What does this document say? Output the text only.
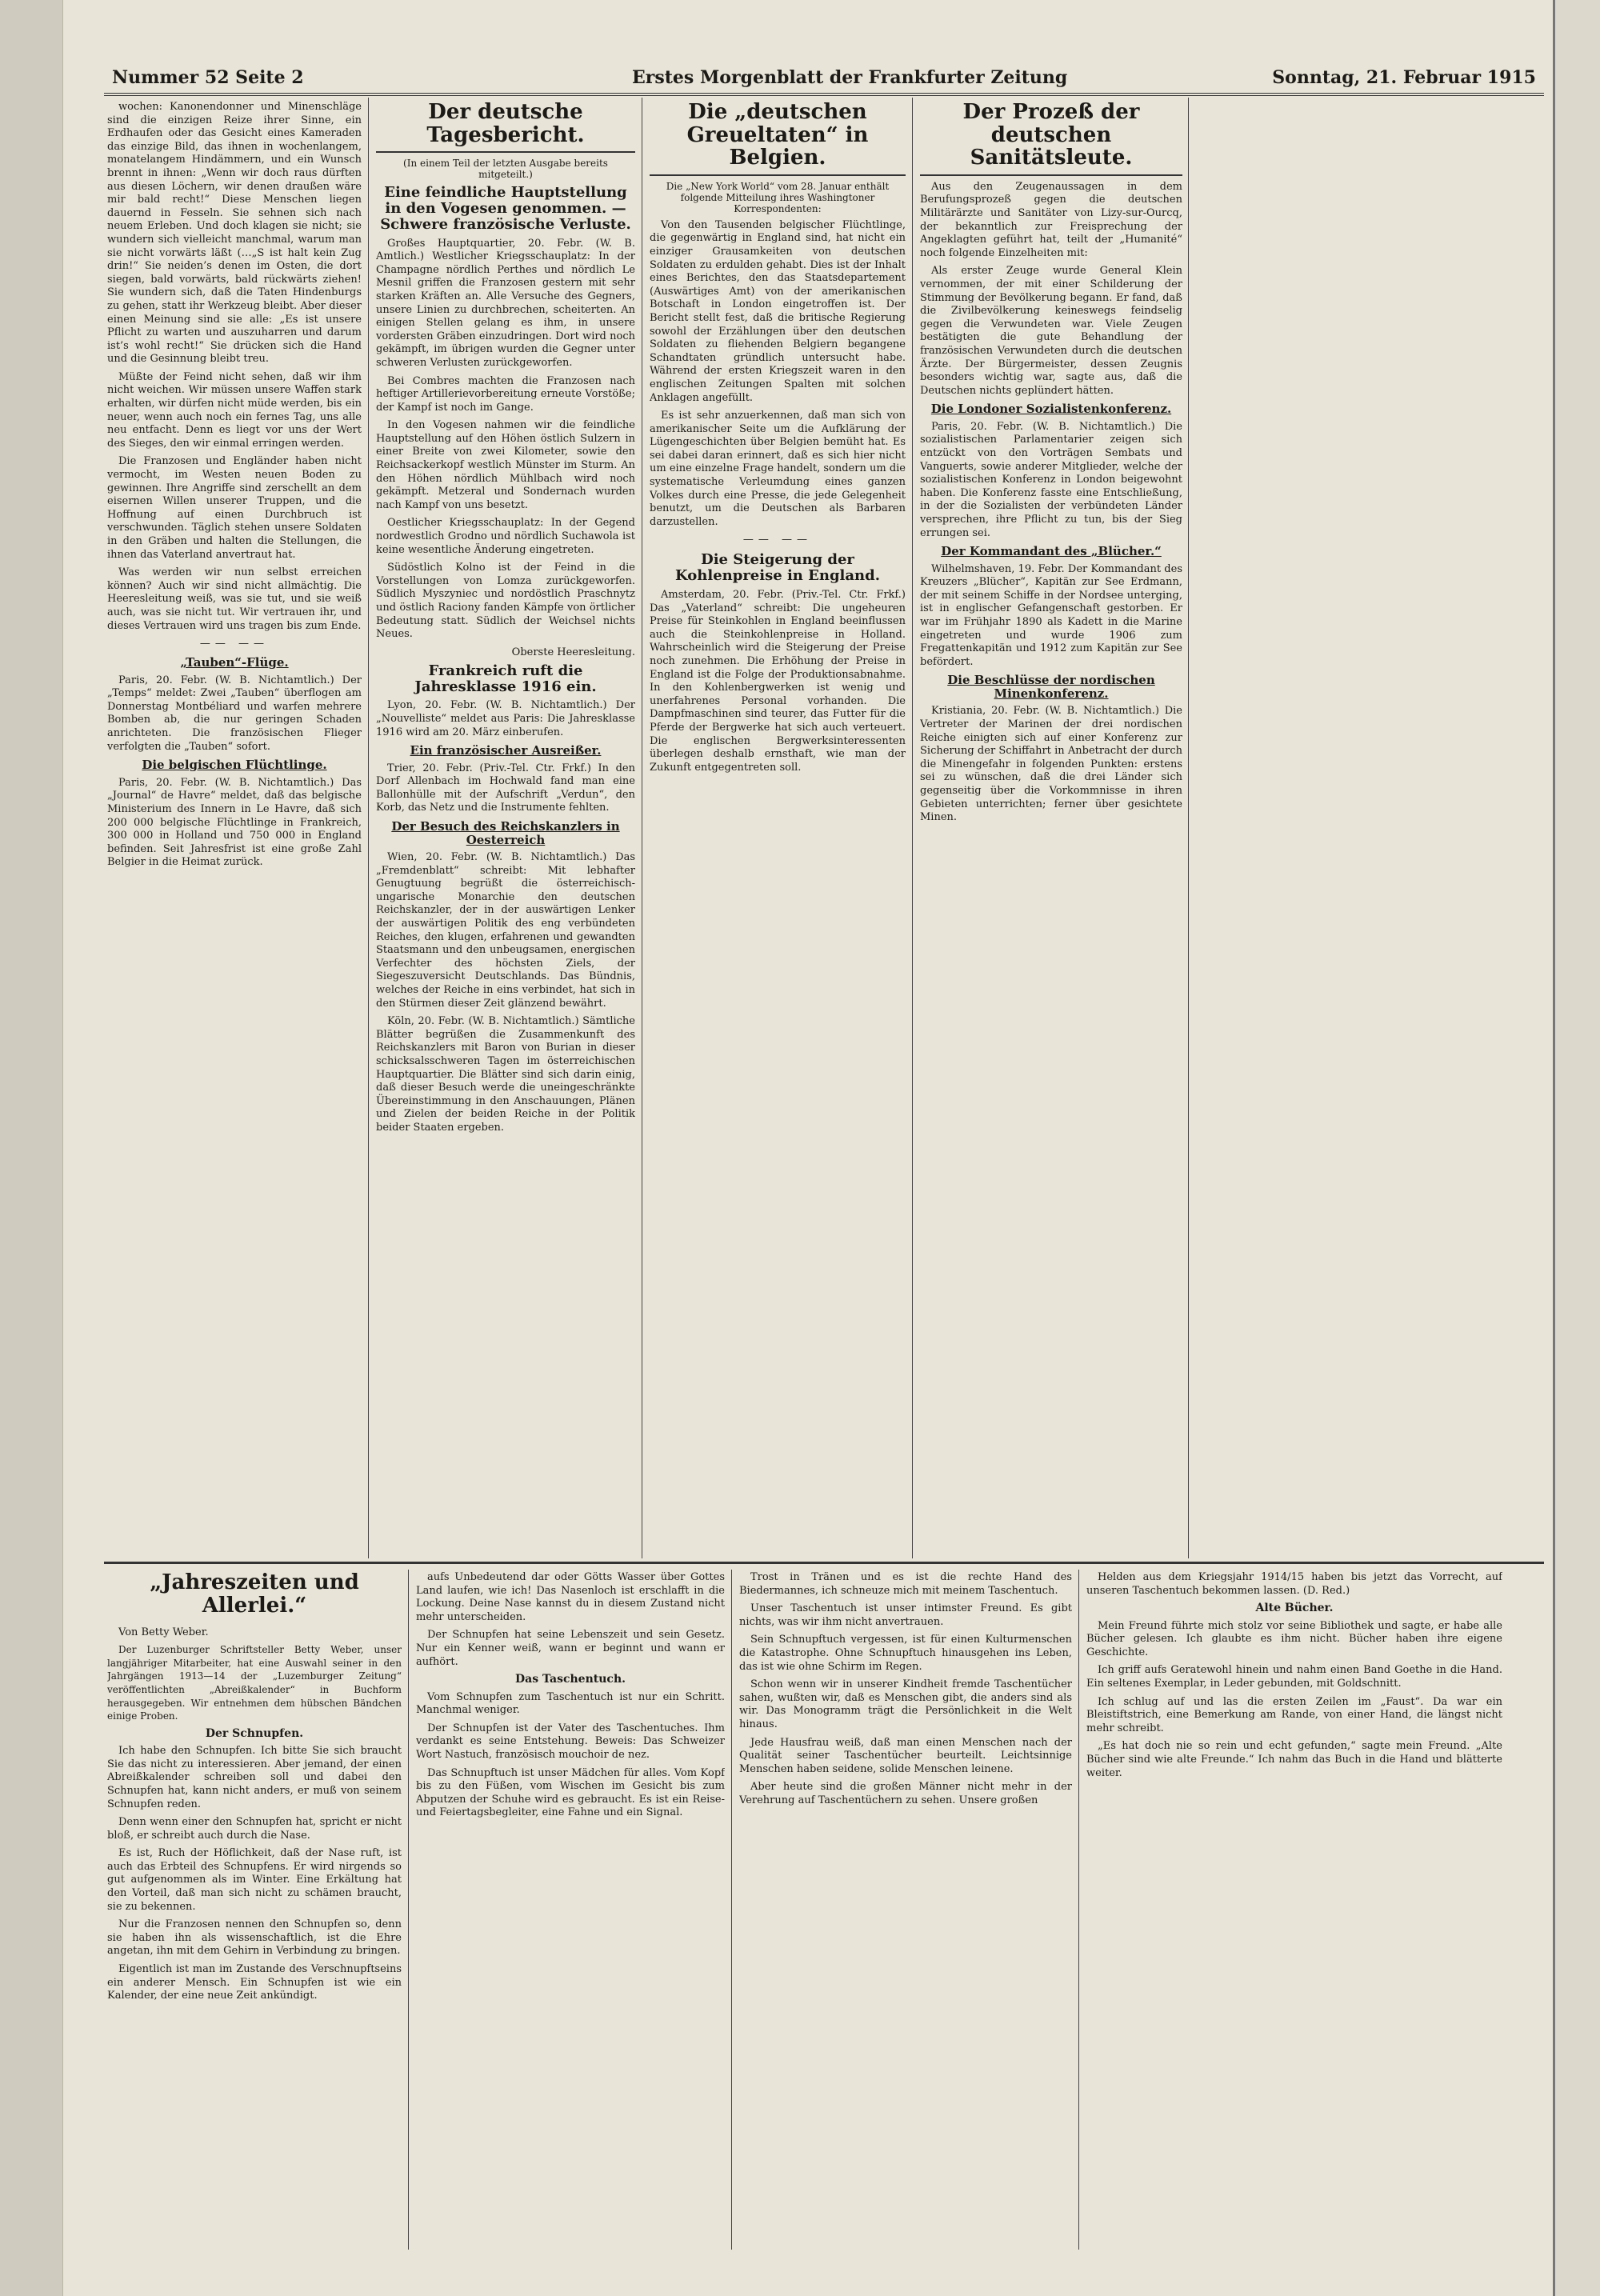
Nummer 52 Seite 2	Erstes Morgenblatt der Frankfurter Zeitung	Sonntag, 21. Februar 1915

wochen: Kanonendonner und Minenschläge sind die einzigen Reize ihrer Sinne, ein Erdhaufen oder das Gesicht eines Kameraden das einzige Bild, das ihnen in wochenlangem, monatelangem Hindämmern, und ein Wunsch brennt in ihnen: „Wenn wir doch raus dürften aus diesen Löchern, wir denen draußen wäre mir bald recht!“ Diese Menschen liegen dauernd in Fesseln. Sie sehnen sich nach neuem Erleben. Und doch klagen sie nicht; sie wundern sich vielleicht manchmal, warum man sie nicht vorwärts läßt (…„S ist halt kein Zug drin!“ Sie neiden’s denen im Osten, die dort siegen, bald vorwärts, bald rückwärts ziehen! Sie wundern sich, daß die Taten Hindenburgs zu gehen, statt ihr Werkzeug bleibt. Aber dieser einen Meinung sind sie alle: „Es ist unsere Pflicht zu warten und auszuharren und darum ist’s wohl recht!“ Sie drücken sich die Hand und die Gesinnung bleibt treu.

Müßte der Feind nicht sehen, daß wir ihm nicht weichen. Wir müssen unsere Waffen stark erhalten, wir dürfen nicht müde werden, bis ein neuer, wenn auch noch ein fernes Tag, uns alle neu entfacht. Denn es liegt vor uns der Wert des Sieges, den wir einmal erringen werden.

Die Franzosen und Engländer haben nicht vermocht, im Westen neuen Boden zu gewinnen. Ihre Angriffe sind zerschellt an dem eisernen Willen unserer Truppen, und die Hoffnung auf einen Durchbruch ist verschwunden. Täglich stehen unsere Soldaten in den Gräben und halten die Stellungen, die ihnen das Vaterland anvertraut hat.

Was werden wir nun selbst erreichen können? Auch wir sind nicht allmächtig. Die Heeresleitung weiß, was sie tut, und sie weiß auch, was sie nicht tut. Wir vertrauen ihr, und dieses Vertrauen wird uns tragen bis zum Ende.

—— ——
„Tauben“-Flüge.

Paris, 20. Febr. (W. B. Nichtamtlich.) Der „Temps“ meldet: Zwei „Tauben“ überflogen am Donnerstag Montbéliard und warfen mehrere Bomben ab, die nur geringen Schaden anrichteten. Die französischen Flieger verfolgten die „Tauben“ sofort.

Die belgischen Flüchtlinge.

Paris, 20. Febr. (W. B. Nichtamtlich.) Das „Journal“ de Havre“ meldet, daß das belgische Ministerium des Innern in Le Havre, daß sich 200 000 belgische Flüchtlinge in Frankreich, 300 000 in Holland und 750 000 in England befinden. Seit Jahresfrist ist eine große Zahl Belgier in die Heimat zurück.

Der deutsche Tagesbericht.
(In einem Teil der letzten Ausgabe bereits mitgeteilt.)
Eine feindliche Hauptstellung in den Vogesen genommen. — Schwere französische Verluste.

Großes Hauptquartier, 20. Febr. (W. B. Amtlich.) Westlicher Kriegsschauplatz: In der Champagne nördlich Perthes und nördlich Le Mesnil griffen die Franzosen gestern mit sehr starken Kräften an. Alle Versuche des Gegners, unsere Linien zu durchbrechen, scheiterten. An einigen Stellen gelang es ihm, in unsere vordersten Gräben einzudringen. Dort wird noch gekämpft, im übrigen wurden die Gegner unter schweren Verlusten zurückgeworfen.

Bei Combres machten die Franzosen nach heftiger Artillerievorbereitung erneute Vorstöße; der Kampf ist noch im Gange.

In den Vogesen nahmen wir die feindliche Hauptstellung auf den Höhen östlich Sulzern in einer Breite von zwei Kilometer, sowie den Reichsackerkopf westlich Münster im Sturm. An den Höhen nördlich Mühlbach wird noch gekämpft. Metzeral und Sondernach wurden nach Kampf von uns besetzt.

Oestlicher Kriegsschauplatz: In der Gegend nordwestlich Grodno und nördlich Suchawola ist keine wesentliche Änderung eingetreten.

Südöstlich Kolno ist der Feind in die Vorstellungen von Lomza zurückgeworfen. Südlich Myszyniec und nordöstlich Praschnytz und östlich Raciony fanden Kämpfe von örtlicher Bedeutung statt. Südlich der Weichsel nichts Neues.

Oberste Heeresleitung.
Frankreich ruft die Jahresklasse 1916 ein.

Lyon, 20. Febr. (W. B. Nichtamtlich.) Der „Nouvelliste“ meldet aus Paris: Die Jahresklasse 1916 wird am 20. März einberufen.

Ein französischer Ausreißer.

Trier, 20. Febr. (Priv.-Tel. Ctr. Frkf.) In den Dorf Allenbach im Hochwald fand man eine Ballonhülle mit der Aufschrift „Verdun“, den Korb, das Netz und die Instrumente fehlten.

Der Besuch des Reichskanzlers in Oesterreich

Wien, 20. Febr. (W. B. Nichtamtlich.) Das „Fremdenblatt“ schreibt: Mit lebhafter Genugtuung begrüßt die österreichisch-ungarische Monarchie den deutschen Reichskanzler, der in der auswärtigen Lenker der auswärtigen Politik des eng verbündeten Reiches, den klugen, erfahrenen und gewandten Staatsmann und den unbeugsamen, energischen Verfechter des höchsten Ziels, der Siegeszuversicht Deutschlands. Das Bündnis, welches der Reiche in eins verbindet, hat sich in den Stürmen dieser Zeit glänzend bewährt.

Köln, 20. Febr. (W. B. Nichtamtlich.) Sämtliche Blätter begrüßen die Zusammenkunft des Reichskanzlers mit Baron von Burian in dieser schicksalsschweren Tagen im österreichischen Hauptquartier. Die Blätter sind sich darin einig, daß dieser Besuch werde die uneingeschränkte Übereinstimmung in den Anschauungen, Plänen und Zielen der beiden Reiche in der Politik beider Staaten ergeben.

Die „deutschen Greueltaten“ in Belgien.
Die „New York World“ vom 28. Januar enthält folgende Mitteilung ihres Washingtoner Korrespondenten:

Von den Tausenden belgischer Flüchtlinge, die gegenwärtig in England sind, hat nicht ein einziger Grausamkeiten von deutschen Soldaten zu erdulden gehabt. Dies ist der Inhalt eines Berichtes, den das Staatsdepartement (Auswärtiges Amt) von der amerikanischen Botschaft in London eingetroffen ist. Der Bericht stellt fest, daß die britische Regierung sowohl der Erzählungen über den deutschen Soldaten zu fliehenden Belgiern begangene Schandtaten gründlich untersucht habe. Während der ersten Kriegszeit waren in den englischen Zeitungen Spalten mit solchen Anklagen angefüllt.

Es ist sehr anzuerkennen, daß man sich von amerikanischer Seite um die Aufklärung der Lügengeschichten über Belgien bemüht hat. Es sei dabei daran erinnert, daß es sich hier nicht um eine einzelne Frage handelt, sondern um die systematische Verleumdung eines ganzen Volkes durch eine Presse, die jede Gelegenheit benutzt, um die Deutschen als Barbaren darzustellen.

—— ——
Die Steigerung der Kohlenpreise in England.

Amsterdam, 20. Febr. (Priv.-Tel. Ctr. Frkf.) Das „Vaterland“ schreibt: Die ungeheuren Preise für Steinkohlen in England beeinflussen auch die Steinkohlenpreise in Holland. Wahrscheinlich wird die Steigerung der Preise noch zunehmen. Die Erhöhung der Preise in England ist die Folge der Produktionsabnahme. In den Kohlenbergwerken ist wenig und unerfahrenes Personal vorhanden. Die Dampfmaschinen sind teurer, das Futter für die Pferde der Bergwerke hat sich auch verteuert. Die englischen Bergwerksinteressenten überlegen deshalb ernsthaft, wie man der Zukunft entgegentreten soll.

Der Prozeß der deutschen Sanitätsleute.

Aus den Zeugenaussagen in dem Berufungsprozeß gegen die deutschen Militärärzte und Sanitäter von Lizy-sur-Ourcq, der bekanntlich zur Freisprechung der Angeklagten geführt hat, teilt der „Humanité“ noch folgende Einzelheiten mit:

Als erster Zeuge wurde General Klein vernommen, der mit einer Schilderung der Stimmung der Bevölkerung begann. Er fand, daß die Zivilbevölkerung keineswegs feindselig gegen die Verwundeten war. Viele Zeugen bestätigten die gute Behandlung der französischen Verwundeten durch die deutschen Ärzte. Der Bürgermeister, dessen Zeugnis besonders wichtig war, sagte aus, daß die Deutschen nichts geplündert hätten.

Die Londoner Sozialistenkonferenz.

Paris, 20. Febr. (W. B. Nichtamtlich.) Die sozialistischen Parlamentarier zeigen sich entzückt von den Vorträgen Sembats und Vanguerts, sowie anderer Mitglieder, welche der sozialistischen Konferenz in London beigewohnt haben. Die Konferenz fasste eine Entschließung, in der die Sozialisten der verbündeten Länder versprechen, ihre Pflicht zu tun, bis der Sieg errungen sei.

Der Kommandant des „Blücher.“

Wilhelmshaven, 19. Febr. Der Kommandant des Kreuzers „Blücher“, Kapitän zur See Erdmann, der mit seinem Schiffe in der Nordsee unterging, ist in englischer Gefangenschaft gestorben. Er war im Frühjahr 1890 als Kadett in die Marine eingetreten und wurde 1906 zum Fregattenkapitän und 1912 zum Kapitän zur See befördert.

Die Beschlüsse der nordischen Minenkonferenz.

Kristiania, 20. Febr. (W. B. Nichtamtlich.) Die Vertreter der Marinen der drei nordischen Reiche einigten sich auf einer Konferenz zur Sicherung der Schiffahrt in Anbetracht der durch die Minengefahr in folgenden Punkten: erstens sei zu wünschen, daß die drei Länder sich gegenseitig über die Vorkommnisse in ihren Gebieten unterrichten; ferner über gesichtete Minen.

„Jahreszeiten und Allerlei.“
Von Betty Weber.

Der Luzenburger Schriftsteller Betty Weber, unser langjähriger Mitarbeiter, hat eine Auswahl seiner in den Jahrgängen 1913—14 der „Luzemburger Zeitung“ veröffentlichten „Abreißkalender“ in Buchform herausgegeben. Wir entnehmen dem hübschen Bändchen einige Proben.

Der Schnupfen.

Ich habe den Schnupfen. Ich bitte Sie sich braucht Sie das nicht zu interessieren. Aber jemand, der einen Abreißkalender schreiben soll und dabei den Schnupfen hat, kann nicht anders, er muß von seinem Schnupfen reden.

Denn wenn einer den Schnupfen hat, spricht er nicht bloß, er schreibt auch durch die Nase.

Es ist, Ruch der Höflichkeit, daß der Nase ruft, ist auch das Erbteil des Schnupfens. Er wird nirgends so gut aufgenommen als im Winter. Eine Erkältung hat den Vorteil, daß man sich nicht zu schämen braucht, sie zu bekennen.

Nur die Franzosen nennen den Schnupfen so, denn sie haben ihn als wissenschaftlich, ist die Ehre angetan, ihn mit dem Gehirn in Verbindung zu bringen.

Eigentlich ist man im Zustande des Verschnupftseins ein anderer Mensch. Ein Schnupfen ist wie ein Kalender, der eine neue Zeit ankündigt.

aufs Unbedeutend dar oder Götts Wasser über Gottes Land laufen, wie ich! Das Nasenloch ist erschlafft in die Lockung. Deine Nase kannst du in diesem Zustand nicht mehr unterscheiden.

Der Schnupfen hat seine Lebenszeit und sein Gesetz. Nur ein Kenner weiß, wann er beginnt und wann er aufhört.

Das Taschentuch.

Vom Schnupfen zum Taschentuch ist nur ein Schritt. Manchmal weniger.

Der Schnupfen ist der Vater des Taschentuches. Ihm verdankt es seine Entstehung. Beweis: Das Schweizer Wort Nastuch, französisch mouchoir de nez.

Das Schnupftuch ist unser Mädchen für alles. Vom Kopf bis zu den Füßen, vom Wischen im Gesicht bis zum Abputzen der Schuhe wird es gebraucht. Es ist ein Reise- und Feiertagsbegleiter, eine Fahne und ein Signal.

Trost in Tränen und es ist die rechte Hand des Biedermannes, ich schneuze mich mit meinem Taschentuch.

Unser Taschentuch ist unser intimster Freund. Es gibt nichts, was wir ihm nicht anvertrauen.

Sein Schnupftuch vergessen, ist für einen Kulturmenschen die Katastrophe. Ohne Schnupftuch hinausgehen ins Leben, das ist wie ohne Schirm im Regen.

Schon wenn wir in unserer Kindheit fremde Taschentücher sahen, wußten wir, daß es Menschen gibt, die anders sind als wir. Das Monogramm trägt die Persönlichkeit in die Welt hinaus.

Jede Hausfrau weiß, daß man einen Menschen nach der Qualität seiner Taschentücher beurteilt. Leichtsinnige Menschen haben seidene, solide Menschen leinene.

Aber heute sind die großen Männer nicht mehr in der Verehrung auf Taschentüchern zu sehen. Unsere großen

Helden aus dem Kriegsjahr 1914/15 haben bis jetzt das Vorrecht, auf unseren Taschentuch bekommen lassen. (D. Red.)

Alte Bücher.

Mein Freund führte mich stolz vor seine Bibliothek und sagte, er habe alle Bücher gelesen. Ich glaubte es ihm nicht. Bücher haben ihre eigene Geschichte.

Ich griff aufs Geratewohl hinein und nahm einen Band Goethe in die Hand. Ein seltenes Exemplar, in Leder gebunden, mit Goldschnitt.

Ich schlug auf und las die ersten Zeilen im „Faust“. Da war ein Bleistiftstrich, eine Bemerkung am Rande, von einer Hand, die längst nicht mehr schreibt.

„Es hat doch nie so rein und echt gefunden,“ sagte mein Freund. „Alte Bücher sind wie alte Freunde.“ Ich nahm das Buch in die Hand und blätterte weiter.
